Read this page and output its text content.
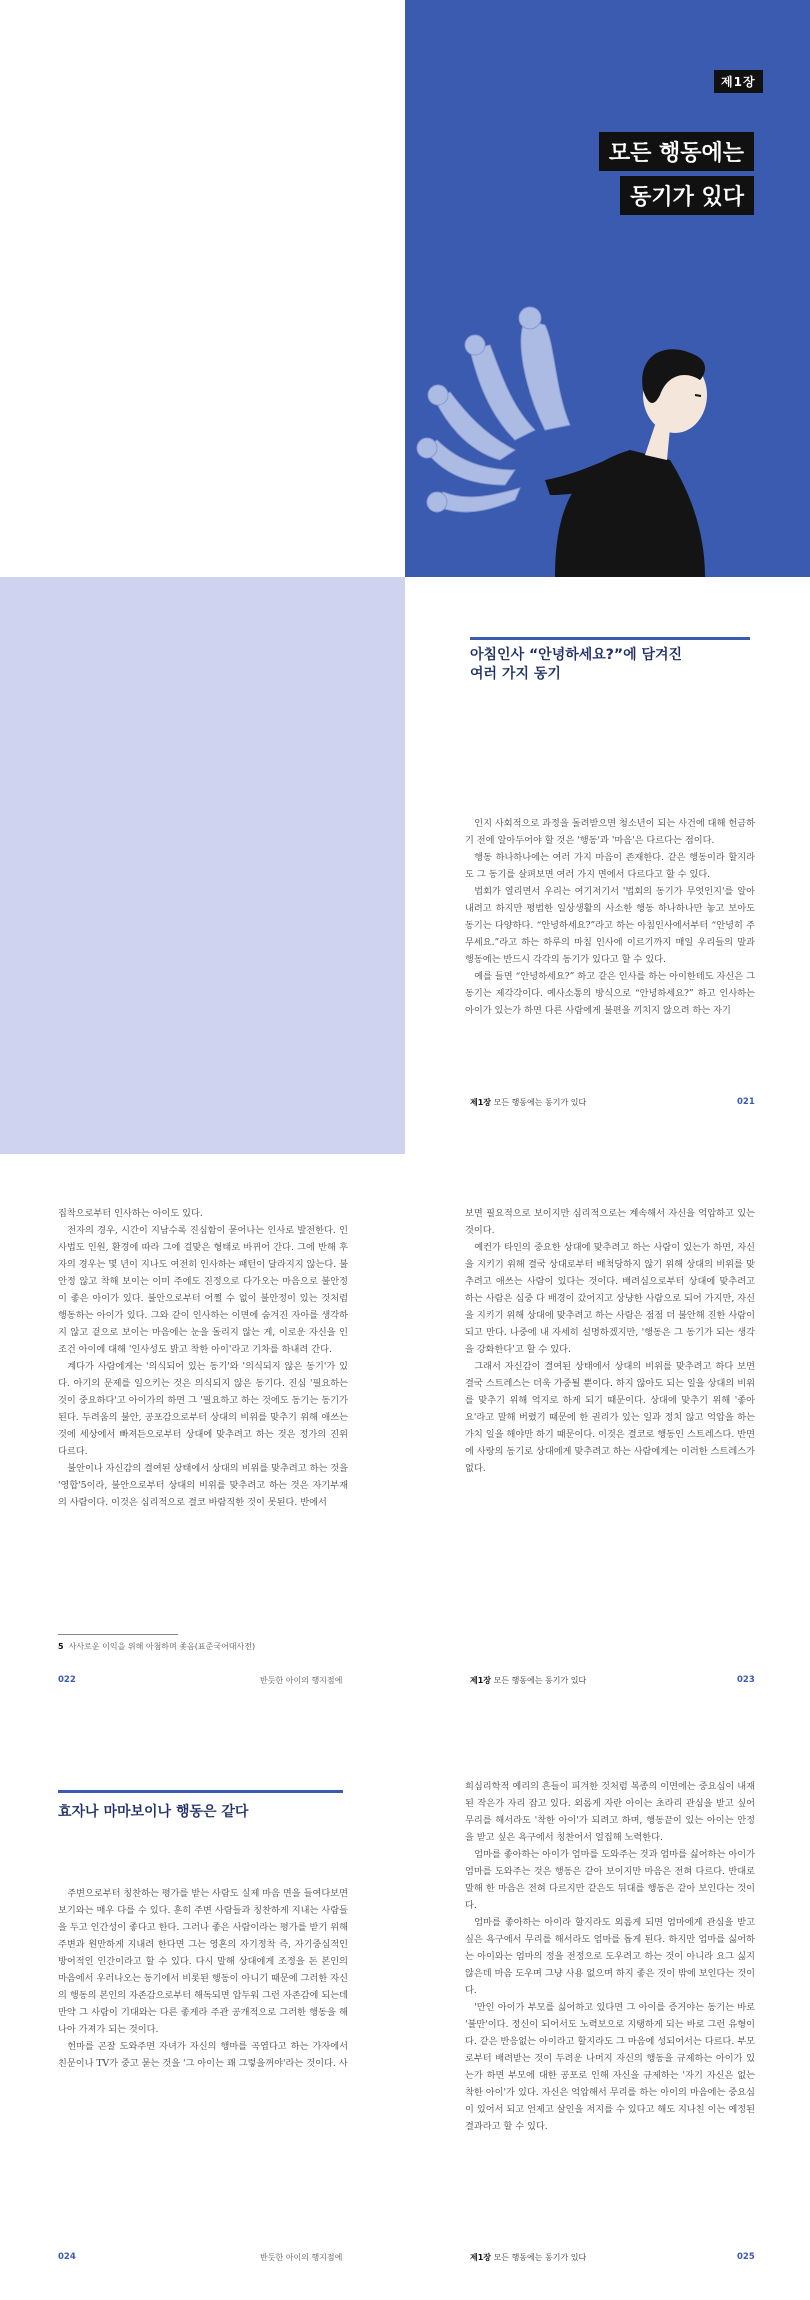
제1장
모든 행동에는
동기가 있다
아침인사 “안녕하세요?”에 담겨진
여러 가지 동기

인지 사회적으로 과정을 돌려받으면 청소년이 되는 사건에 대해 헌금하기 전에 알아두어야 할 것은 '행동'과 '마음'은 다르다는 점이다.

행동 하나하나에는 여러 가지 마음이 존재한다. 같은 행동이라 할지라도 그 동기를 살펴보면 여러 가지 면에서 다르다고 할 수 있다.

법회가 열리면서 우리는 여기저기서 '법회의 동기가 무엇인지'를 알아내려고 하지만 평범한 일상생활의 사소한 행동 하나하나만 놓고 보아도 동기는 다양하다. “안녕하세요?”라고 하는 아침인사에서부터 “안녕히 주무세요.”라고 하는 하루의 마침 인사에 이르기까지 매일 우리들의 말과 행동에는 반드시 각각의 동기가 있다고 할 수 있다.

예를 들면 “안녕하세요?” 하고 같은 인사를 하는 아이한테도 자신은 그 동기는 제각각이다. 예사소통의 방식으로 “안녕하세요?” 하고 인사하는 아이가 있는가 하면 다른 사람에게 불편을 끼치지 않으려 하는 자기

제1장 모든 행동에는 동기가 있다	021

집착으로부터 인사하는 아이도 있다.

전자의 경우, 시간이 지남수록 진심함이 묻어나는 인사로 발전한다. 인사법도 인원, 환경에 따라 그에 걸맞은 형태로 바뀌어 간다. 그에 반해 후자의 경우는 몇 년이 지나도 여전히 인사하는 패턴이 달라지지 않는다. 불안정 않고 착해 보이는 이미 주에도 진정으로 다가오는 마음으로 불안정이 좋은 아이가 있다. 불안으로부터 어쩔 수 없이 불안정이 있는 것처럼 행동하는 아이가 있다. 그와 같이 인사하는 이면에 숨겨진 자아를 생각하지 않고 겉으로 보이는 마음에는 눈을 돌리지 않는 게, 이로운 자신을 인조건 아이에 대해 '인사성도 밝고 착한 아이'라고 기차를 하내려 간다.

계다가 사람에게는 '의식되어 있는 동기'와 '의식되지 않은 동기'가 있다. 아기의 문제를 일으키는 것은 의식되지 않은 동기다. 진심 '필요하는 것이 중요하다'고 아이가의 하면 그 '필요하고 하는 것에도 동기는 동기가 된다. 두려움의 불안, 공포감으로부터 상대의 비위를 맞추기 위해 애쓰는 것에 세상에서 빠져든으로부터 상대에 맞추려고 하는 것은 정가의 진위 다르다.

불안이나 자신감의 결여된 상태에서 상대의 비위를 맞추려고 하는 것을 '영합'5이라, 불안으로부터 상대의 비위를 맞추려고 하는 것은 자기부재의 사람이다. 이것은 심리적으로 결코 바람직한 것이 못된다. 반에서

5 사사로운 이익을 위해 아첨하며 좇음(표준국어대사전)
022	반듯한 아이의 행지점에

보면 필요적으로 보이지만 심리적으로는 계속해서 자신을 억압하고 있는 것이다.

예컨가 타인의 중요한 상대에 맞추려고 하는 사람이 있는가 하면, 자신을 지키기 위해 결국 상대로부터 배척당하지 않기 위해 상대의 비위를 맞추려고 애쓰는 사람이 있다는 것이다. 배려심으로부터 상대에 맞추려고 하는 사람은 심중 다 배경이 갔어지고 상냥한 사람으로 되어 가지만, 자신을 지키기 위해 상대에 맞추려고 하는 사람은 점점 더 불안해 진한 사람이 되고 만다. 나중에 내 자세히 설명하겠지만, '행동은 그 동기가 되는 생각을 강화한다'고 할 수 있다.

그래서 자신감이 결여된 상태에서 상대의 비위를 맞추려고 하다 보면 결국 스트레스는 더욱 가중될 뿐이다. 하지 않아도 되는 일을 상대의 비위를 맞추기 위해 억지로 하게 되기 때문이다. 상대에 맞추기 위해 '좋아요'라고 말해 버렸기 때문에 한 권리가 있는 일과 정치 않고 억압을 하는 가치 일을 해야만 하기 때문이다. 이것은 결코로 행동인 스트레스다. 반면에 사랑의 동기로 상대에게 맞추려고 하는 사람에게는 이러한 스트레스가 없다.

제1장 모든 행동에는 동기가 있다	023
효자나 마마보이나 행동은 같다

주변으로부터 칭찬하는 평가를 받는 사람도 실제 마음 면을 들여다보면 보기와는 매우 다를 수 있다. 훈히 주변 사람들과 칭찬하게 지내는 사람들을 두고 인간성이 좋다고 한다. 그러나 좋은 사람이라는 평가를 받기 위해 주변과 원만하게 지내려 한다면 그는 영혼의 자기정착 즉, 자기중심적인 방어적인 인간이라고 할 수 있다. 다시 말해 상대에게 조정을 돈 본인의 마음에서 우러나오는 동기에서 비롯된 행동이 아니기 때문에 그러한 자신의 행동의 본인의 자존감으로부터 해독되면 압두워 그런 자존감에 되는데 만약 그 사람이 기대와는 다른 좋게라 주관 공개적으로 그러한 행동을 해 나아 가져가 되는 것이다.

헌마를 곤잘 도와주면 자녀가 자신의 행마를 곡엽다고 하는 가자에서 친문이나 TV가 중고 묻는 것을 '그 아이는 꽤 그렇을꺼야'라는 것이다. 사

024	반듯한 아이의 행지점에

희심리학적 예리의 흔들이 피겨한 것처럼 복종의 이면에는 중요심이 내재된 작은가 자리 잡고 있다. 외롭게 자란 아이는 초라리 관심을 받고 싶어 무리를 해서라도 '착한 아이'가 되려고 하며, 행동끝이 있는 아이는 안정을 받고 싶은 욕구에서 칭찬어서 얼집해 노력한다.

엄마를 좋아하는 아이가 엄마를 도와주는 것과 엄마를 싫어하는 아이가 엄마를 도와주는 것은 행동은 같아 보이지만 마음은 전혀 다르다. 반대로 말해 한 마음은 전혀 다르지만 같은도 뒤대를 행동은 같아 보인다는 것이다.

엄마를 좋아하는 아이라 할지라도 외롭게 되면 엄마에게 관심을 받고 싶은 욕구에서 무리를 해서라도 엄마를 돕게 된다. 하지만 엄마를 싫어하는 아이와는 엄마의 정을 전정으로 도우려고 하는 것이 아니라 요그 싫지 않은데 마음 도우며 그냥 사용 없으며 하지 좋은 것이 밖에 보인다는 것이다.

'만인 아이가 부모를 싫어하고 있다면 그 아이를 증거야는 동기는 바로 '불만'이다. 정신이 되어서도 노력보으로 지탱하게 되는 바로 그런 유형이다. 같은 반응없는 아이라고 할지라도 그 마음에 성되어서는 다르다. 부모로부터 배려받는 것이 두려운 나머지 자신의 행동을 규제하는 아이가 있는가 하면 부모에 대한 공포로 인해 자신을 규제하는 '자기 자신은 없는 착한 아이'가 있다. 자신은 억압해서 무리를 하는 아이의 마음에는 중요심이 있어서 되고 언제고 살인을 저지를 수 있다고 해도 지나친 이는 예정된 결과라고 할 수 있다.

제1장 모든 행동에는 동기가 있다	025
